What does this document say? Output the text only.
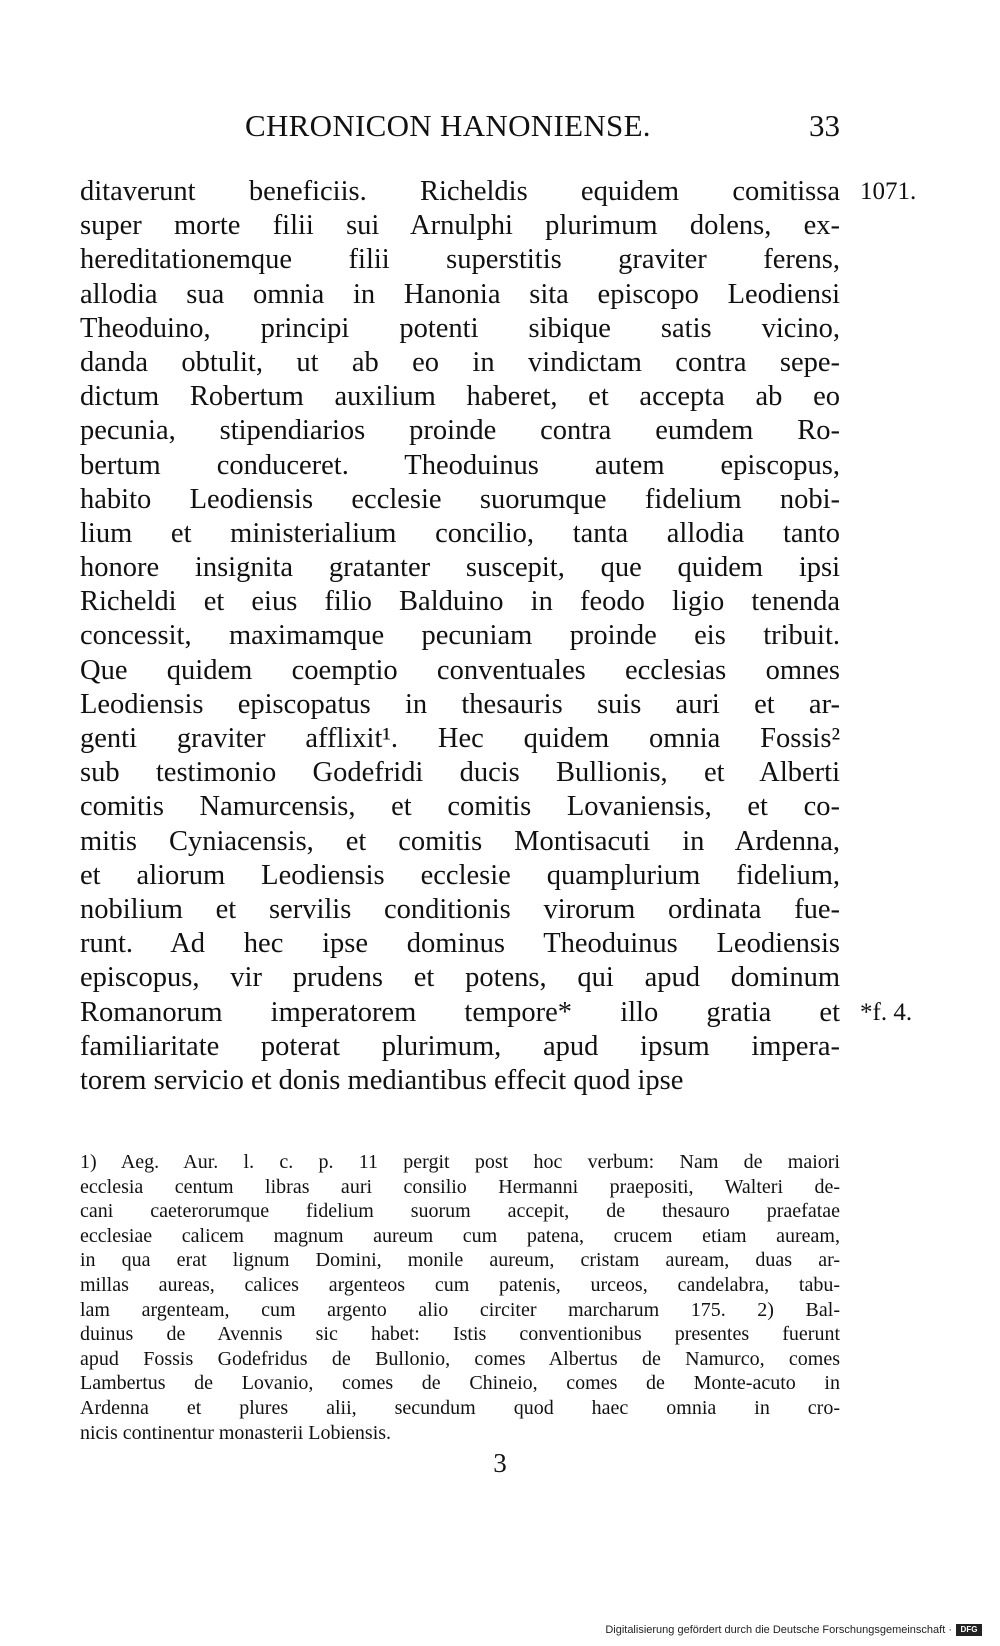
CHRONICON HANONIENSE.	33
ditaverunt beneficiis. Richeldis equidem comitissa 1071.
super morte filii sui Arnulphi plurimum dolens, ex-
hereditationemque filii superstitis graviter ferens,
allodia sua omnia in Hanonia sita episcopo Leodiensi
Theoduino, principi potenti sibique satis vicino,
danda obtulit, ut ab eo in vindictam contra sepe-
dictum Robertum auxilium haberet, et accepta ab eo
pecunia, stipendiarios proinde contra eumdem Ro-
bertum conduceret. Theoduinus autem episcopus,
habito Leodiensis ecclesie suorumque fidelium nobi-
lium et ministerialium concilio, tanta allodia tanto
honore insignita gratanter suscepit, que quidem ipsi
Richeldi et eius filio Balduino in feodo ligio tenenda
concessit, maximamque pecuniam proinde eis tribuit.
Que quidem coemptio conventuales ecclesias omnes
Leodiensis episcopatus in thesauris suis auri et ar-
genti graviter afflixit¹. Hec quidem omnia Fossis²
sub testimonio Godefridi ducis Bullionis, et Alberti
comitis Namurcensis, et comitis Lovaniensis, et co-
mitis Cyniacensis, et comitis Montisacuti in Ardenna,
et aliorum Leodiensis ecclesie quamplurium fidelium,
nobilium et servilis conditionis virorum ordinata fue-
runt. Ad hec ipse dominus Theoduinus Leodiensis
episcopus, vir prudens et potens, qui apud dominum
Romanorum imperatorem tempore* illo gratia et *f. 4.
familiaritate poterat plurimum, apud ipsum impera-
torem servicio et donis mediantibus effecit quod ipse
1) Aeg. Aur. l. c. p. 11 pergit post hoc verbum: Nam de maiori
ecclesia centum libras auri consilio Hermanni praepositi, Walteri de-
cani caeterorumque fidelium suorum accepit, de thesauro praefatae
ecclesiae calicem magnum aureum cum patena, crucem etiam auream,
in qua erat lignum Domini, monile aureum, cristam auream, duas ar-
millas aureas, calices argenteos cum patenis, urceos, candelabra, tabu-
lam argenteam, cum argento alio circiter marcharum 175. 2) Bal-
duinus de Avennis sic habet: Istis conventionibus presentes fuerunt
apud Fossis Godefridus de Bullonio, comes Albertus de Namurco, comes
Lambertus de Lovanio, comes de Chineio, comes de Monte-acuto in
Ardenna et plures alii, secundum quod haec omnia in cro-
nicis continentur monasterii Lobiensis.
3
Digitalisierung gefördert durch die Deutsche Forschungsgemeinschaft ·	DFG
